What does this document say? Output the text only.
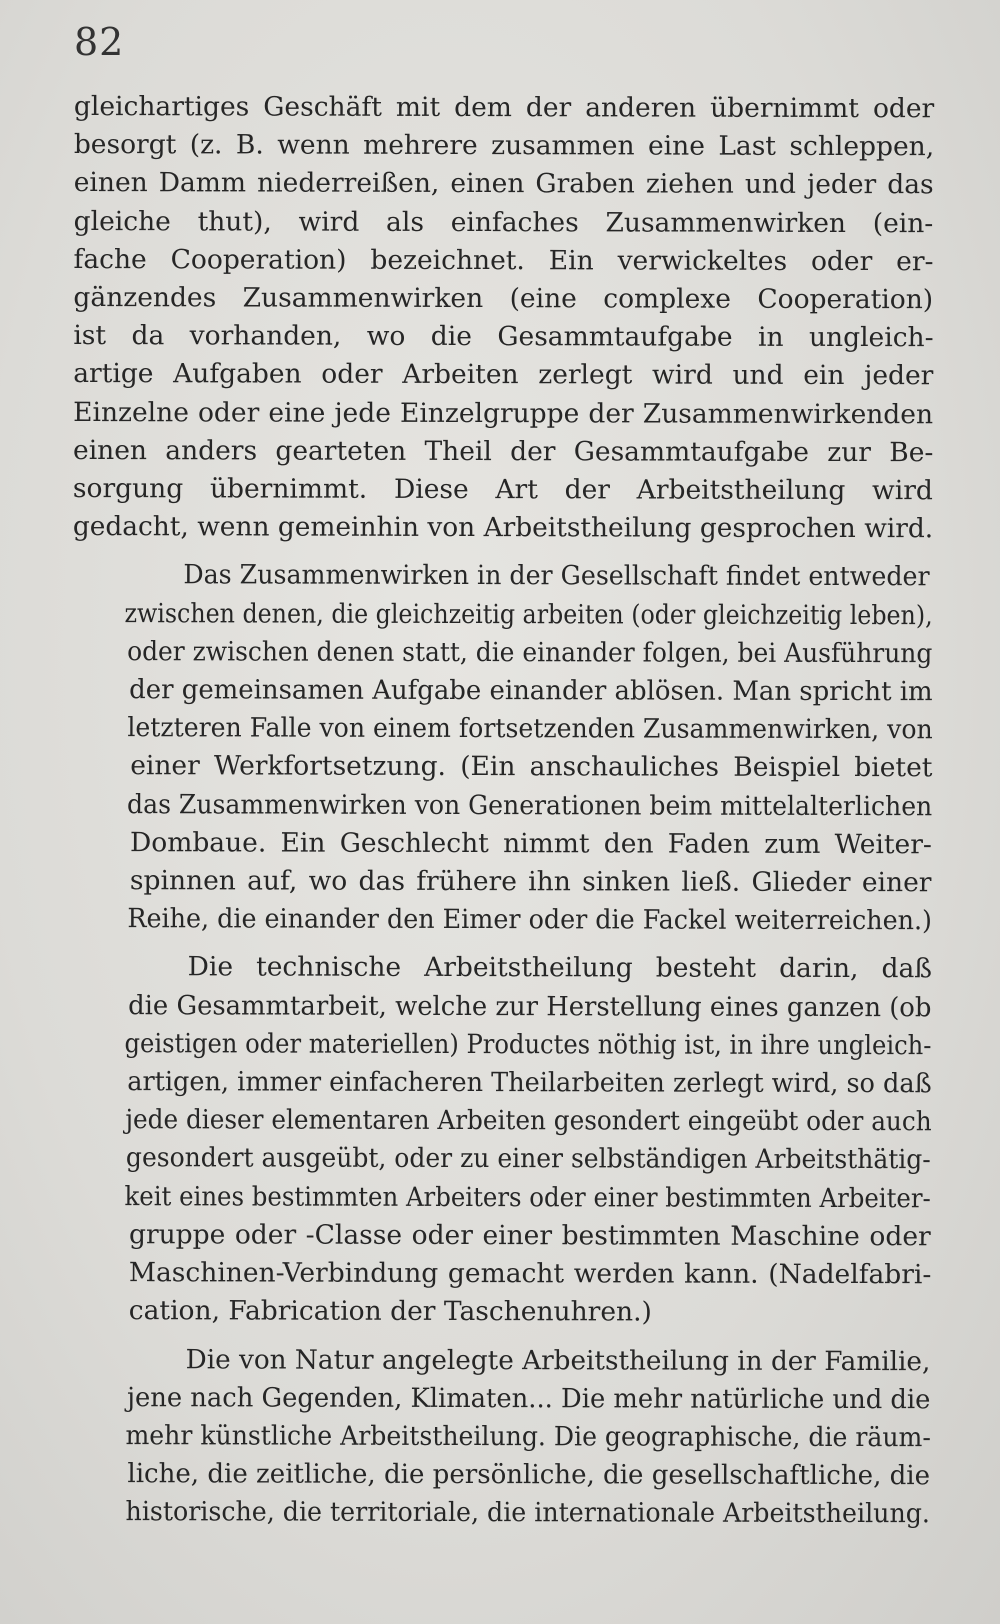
82
gleichartiges Geschäft mit dem der anderen übernimmt oder
besorgt (z. B. wenn mehrere zusammen eine Last schleppen,
einen Damm niederreißen, einen Graben ziehen und jeder das
gleiche thut), wird als einfaches Zusammenwirken (ein-
fache Cooperation) bezeichnet. Ein verwickeltes oder er-
gänzendes Zusammenwirken (eine complexe Cooperation)
ist da vorhanden, wo die Gesammtaufgabe in ungleich-
artige Aufgaben oder Arbeiten zerlegt wird und ein jeder
Einzelne oder eine jede Einzelgruppe der Zusammenwirkenden
einen anders gearteten Theil der Gesammtaufgabe zur Be-
sorgung übernimmt. Diese Art der Arbeitstheilung wird
gedacht, wenn gemeinhin von Arbeitstheilung gesprochen wird.
Das Zusammenwirken in der Gesellschaft findet entweder
zwischen denen, die gleichzeitig arbeiten (oder gleichzeitig leben),
oder zwischen denen statt, die einander folgen, bei Ausführung
der gemeinsamen Aufgabe einander ablösen. Man spricht im
letzteren Falle von einem fortsetzenden Zusammenwirken, von
einer Werkfortsetzung. (Ein anschauliches Beispiel bietet
das Zusammenwirken von Generationen beim mittelalterlichen
Dombaue. Ein Geschlecht nimmt den Faden zum Weiter-
spinnen auf, wo das frühere ihn sinken ließ. Glieder einer
Reihe, die einander den Eimer oder die Fackel weiterreichen.)
Die technische Arbeitstheilung besteht darin, daß
die Gesammtarbeit, welche zur Herstellung eines ganzen (ob
geistigen oder materiellen) Productes nöthig ist, in ihre ungleich-
artigen, immer einfacheren Theilarbeiten zerlegt wird, so daß
jede dieser elementaren Arbeiten gesondert eingeübt oder auch
gesondert ausgeübt, oder zu einer selbständigen Arbeitsthätig-
keit eines bestimmten Arbeiters oder einer bestimmten Arbeiter-
gruppe oder -Classe oder einer bestimmten Maschine oder
Maschinen-Verbindung gemacht werden kann. (Nadelfabri-
cation, Fabrication der Taschenuhren.)
Die von Natur angelegte Arbeitstheilung in der Familie,
jene nach Gegenden, Klimaten... Die mehr natürliche und die
mehr künstliche Arbeitstheilung. Die geographische, die räum-
liche, die zeitliche, die persönliche, die gesellschaftliche, die
historische, die territoriale, die internationale Arbeitstheilung.
